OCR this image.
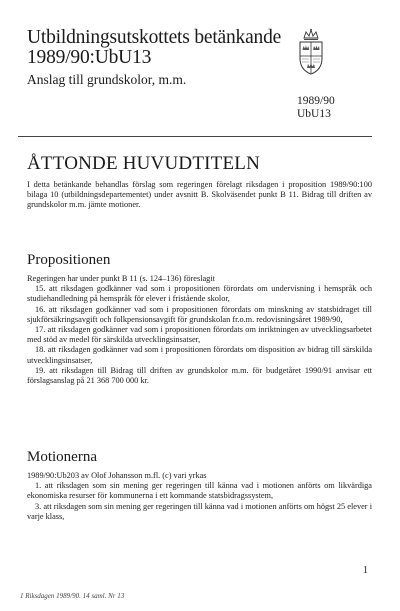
Utbildningsutskottets betänkande
1989/90:UbU13
Anslag till grundskolor, m.m.
1989/90
UbU13
ÅTTONDE HUVUDTITELN
I detta betänkande behandlas förslag som regeringen förelagt riksdagen i proposition 1989/90:100 bilaga 10 (utbildningsdepartementet) under avsnitt B. Skolväsendet punkt B 11. Bidrag till driften av grundskolor m.m. jämte motioner.
Propositionen
Regeringen har under punkt B 11 (s. 124–136) föreslagit
15. att riksdagen godkänner vad som i propositionen förordats om undervisning i hemspråk och studiehandledning på hemspråk för elever i fristående skolor,
16. att riksdagen godkänner vad som i propositionen förordats om minskning av statsbidraget till sjukförsäkringsavgift och folkpensionsavgift för grundskolan fr.o.m. redovisningsåret 1989/90,
17. att riksdagen godkänner vad som i propositionen förordats om inriktningen av utvecklingsarbetet med stöd av medel för särskilda utvecklingsinsatser,
18. att riksdagen godkänner vad som i propositionen förordats om disposition av bidrag till särskilda utvecklingsinsatser,
19. att riksdagen till Bidrag till driften av grundskolor m.m. för budgetåret 1990/91 anvisar ett förslagsanslag på 21 368 700 000 kr.
Motionerna
1989/90:Ub203 av Olof Johansson m.fl. (c) vari yrkas
1. att riksdagen som sin mening ger regeringen till känna vad i motionen anförts om likvärdiga ekonomiska resurser för kommunerna i ett kommande statsbidragssystem,
3. att riksdagen som sin mening ger regeringen till känna vad i motionen anförts om högst 25 elever i varje klass,
1
1 Riksdagen 1989/90. 14 saml. Nr 13
